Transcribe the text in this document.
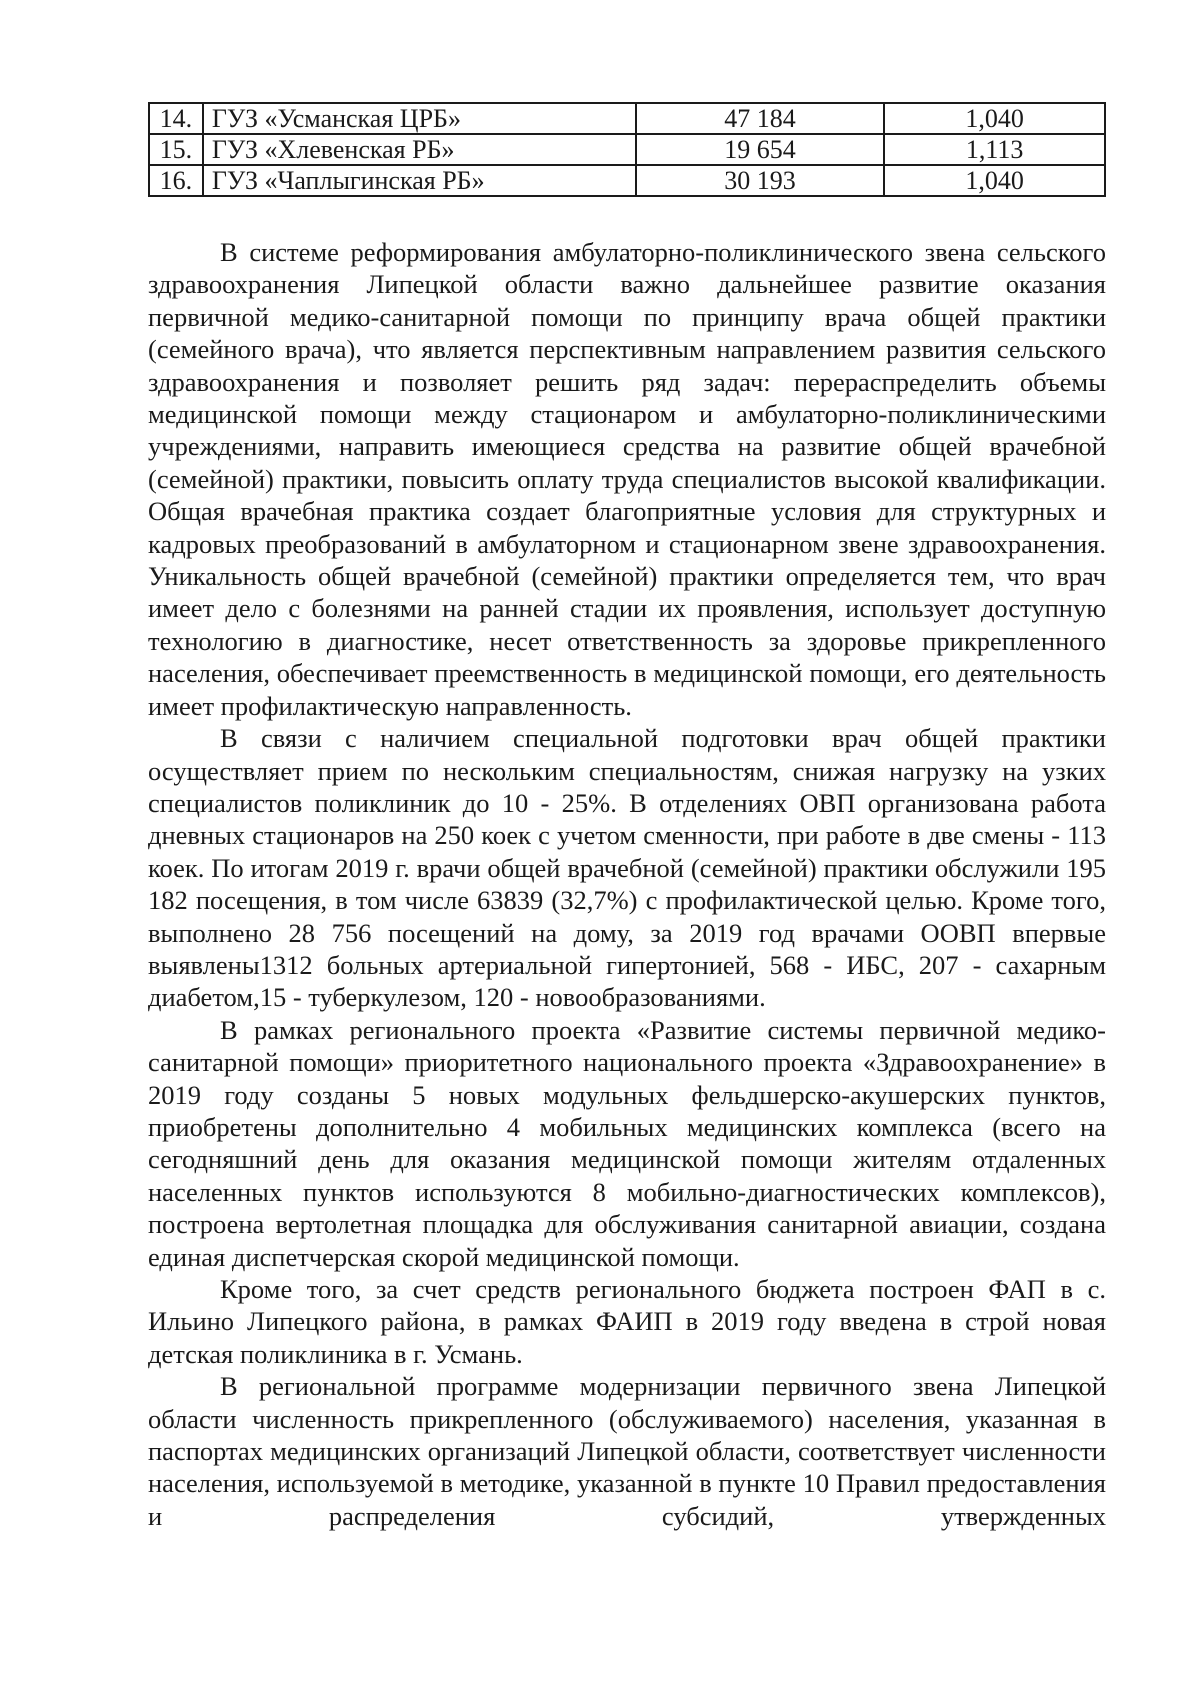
14.	ГУЗ «Усманская ЦРБ»	47 184	1,040
15.	ГУЗ «Хлевенская РБ»	19 654	1,113
16.	ГУЗ «Чаплыгинская РБ»	30 193	1,040

В системе реформирования амбулаторно-поликлинического звена сельского здравоохранения Липецкой области важно дальнейшее развитие оказания первичной медико-санитарной помощи по принципу врача общей практики (семейного врача), что является перспективным направлением развития сельского здравоохранения и позволяет решить ряд задач: перераспределить объемы медицинской помощи между стационаром и амбулаторно-поликлиническими учреждениями, направить имеющиеся средства на развитие общей врачебной (семейной) практики, повысить оплату труда специалистов высокой квалификации. Общая врачебная практика создает благоприятные условия для структурных и кадровых преобразований в амбулаторном и стационарном звене здравоохранения. Уникальность общей врачебной (семейной) практики определяется тем, что врач имеет дело с болезнями на ранней стадии их проявления, использует доступную технологию в диагностике, несет ответственность за здоровье прикрепленного населения, обеспечивает преемственность в медицинской помощи, его деятельность имеет профилактическую направленность.

В связи с наличием специальной подготовки врач общей практики осуществляет прием по нескольким специальностям, снижая нагрузку на узких специалистов поликлиник до 10 - 25%. В отделениях ОВП организована работа дневных стационаров на 250 коек с учетом сменности, при работе в две смены - 113 коек. По итогам 2019 г. врачи общей врачебной (семейной) практики обслужили 195 182 посещения, в том числе 63839 (32,7%) с профилактической целью. Кроме того, выполнено 28 756 посещений на дому, за 2019 год врачами ООВП впервые выявлены1312 больных артериальной гипертонией, 568 - ИБС, 207 - сахарным диабетом,15 - туберкулезом, 120 - новообразованиями.

В рамках регионального проекта «Развитие системы первичной медико-санитарной помощи» приоритетного национального проекта «Здравоохранение» в 2019 году созданы 5 новых модульных фельдшерско-акушерских пунктов, приобретены дополнительно 4 мобильных медицинских комплекса (всего на сегодняшний день для оказания медицинской помощи жителям отдаленных населенных пунктов используются 8 мобильно-диагностических комплексов), построена вертолетная площадка для обслуживания санитарной авиации, создана единая диспетчерская скорой медицинской помощи.

Кроме того, за счет средств регионального бюджета построен ФАП в с. Ильино Липецкого района, в рамках ФАИП в 2019 году введена в строй новая детская поликлиника в г. Усмань.

В региональной программе модернизации первичного звена Липецкой области численность прикрепленного (обслуживаемого) населения, указанная в паспортах медицинских организаций Липецкой области, соответствует численности населения, используемой в методике, указанной в пункте 10 Правил предоставления и распределения субсидий, утвержденных
